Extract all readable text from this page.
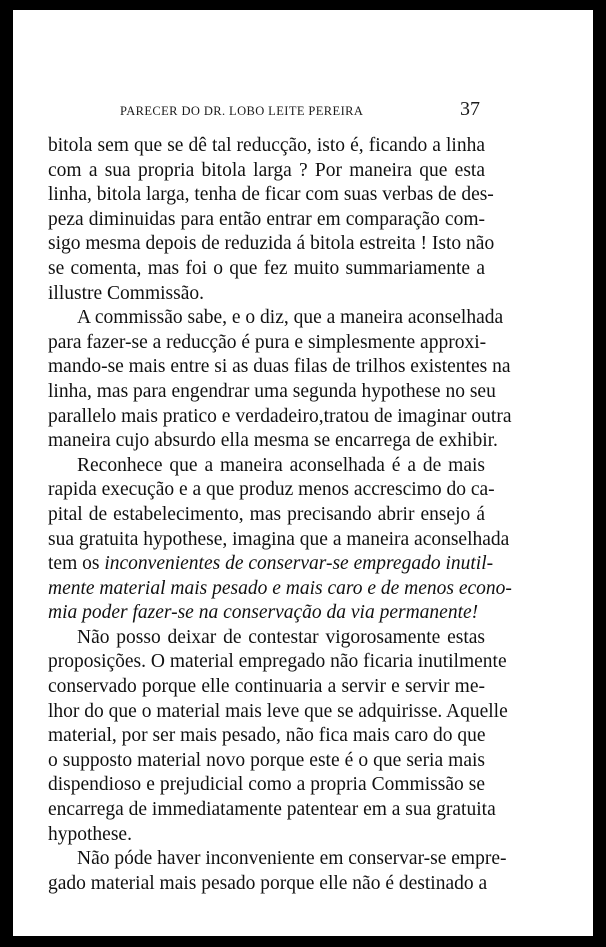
PARECER DO DR. LOBO LEITE PEREIRA	37
bitola sem que se dê tal reducção, isto é, ficando a linha
com a sua propria bitola larga ? Por maneira que esta
linha, bitola larga, tenha de ficar com suas verbas de des-
peza diminuidas para então entrar em comparação com-
sigo mesma depois de reduzida á bitola estreita ! Isto não
se comenta, mas foi o que fez muito summariamente a
illustre Commissão.
A commissão sabe, e o diz, que a maneira aconselhada
para fazer-se a reducção é pura e simplesmente approxi-
mando-se mais entre si as duas filas de trilhos existentes na
linha, mas para engendrar uma segunda hypothese no seu
parallelo mais pratico e verdadeiro,tratou de imaginar outra
maneira cujo absurdo ella mesma se encarrega de exhibir.
Reconhece que a maneira aconselhada é a de mais
rapida execução e a que produz menos accrescimo do ca-
pital de estabelecimento, mas precisando abrir ensejo á
sua gratuita hypothese, imagina que a maneira aconselhada
tem os inconvenientes de conservar-se empregado inutil-
mente material mais pesado e mais caro e de menos econo-
mia poder fazer-se na conservação da via permanente!
Não posso deixar de contestar vigorosamente estas
proposições. O material empregado não ficaria inutilmente
conservado porque elle continuaria a servir e servir me-
lhor do que o material mais leve que se adquirisse. Aquelle
material, por ser mais pesado, não fica mais caro do que
o supposto material novo porque este é o que seria mais
dispendioso e prejudicial como a propria Commissão se
encarrega de immediatamente patentear em a sua gratuita
hypothese.
Não póde haver inconveniente em conservar-se empre-
gado material mais pesado porque elle não é destinado a
